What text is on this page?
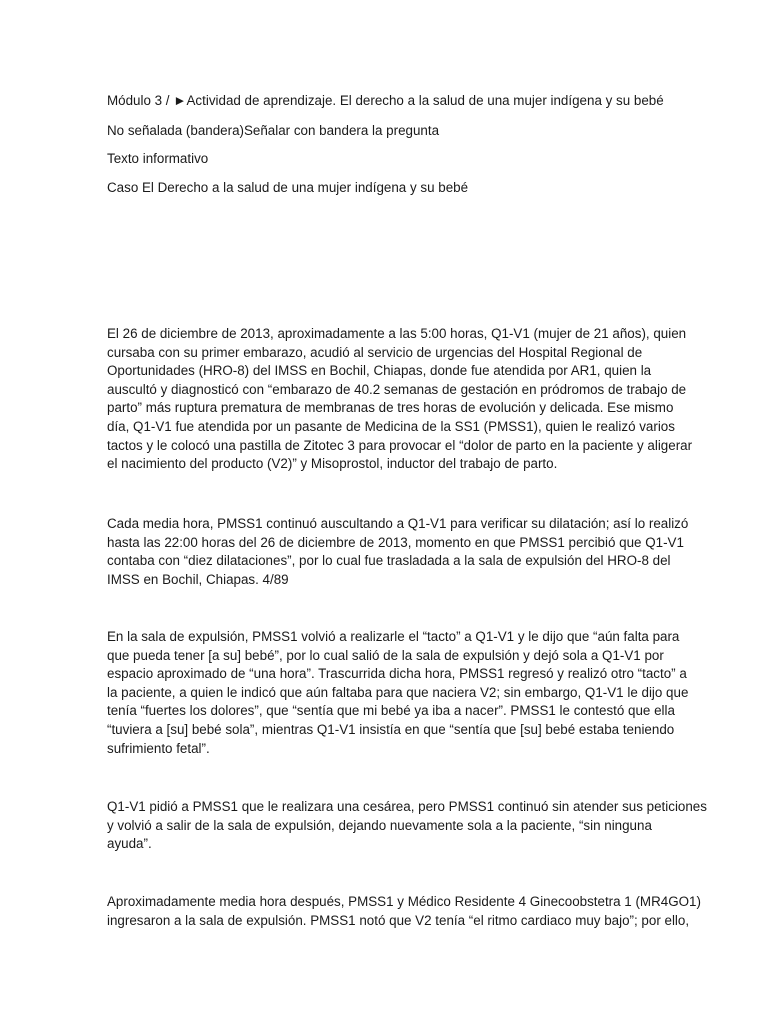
Módulo 3 / ►Actividad de aprendizaje. El derecho a la salud de una mujer indígena y su bebé
No señalada (bandera)Señalar con bandera la pregunta
Texto informativo
Caso El Derecho a la salud de una mujer indígena y su bebé
El 26 de diciembre de 2013, aproximadamente a las 5:00 horas, Q1-V1 (mujer de 21 años), quien
cursaba con su primer embarazo, acudió al servicio de urgencias del Hospital Regional de
Oportunidades (HRO-8) del IMSS en Bochil, Chiapas, donde fue atendida por AR1, quien la
auscultó y diagnosticó con “embarazo de 40.2 semanas de gestación en pródromos de trabajo de
parto” más ruptura prematura de membranas de tres horas de evolución y delicada. Ese mismo
día, Q1-V1 fue atendida por un pasante de Medicina de la SS1 (PMSS1), quien le realizó varios
tactos y le colocó una pastilla de Zitotec 3 para provocar el “dolor de parto en la paciente y aligerar
el nacimiento del producto (V2)” y Misoprostol, inductor del trabajo de parto.
Cada media hora, PMSS1 continuó auscultando a Q1-V1 para verificar su dilatación; así lo realizó
hasta las 22:00 horas del 26 de diciembre de 2013, momento en que PMSS1 percibió que Q1-V1
contaba con “diez dilataciones”, por lo cual fue trasladada a la sala de expulsión del HRO-8 del
IMSS en Bochil, Chiapas. 4/89
En la sala de expulsión, PMSS1 volvió a realizarle el “tacto” a Q1-V1 y le dijo que “aún falta para
que pueda tener [a su] bebé”, por lo cual salió de la sala de expulsión y dejó sola a Q1-V1 por
espacio aproximado de “una hora”. Trascurrida dicha hora, PMSS1 regresó y realizó otro “tacto” a
la paciente, a quien le indicó que aún faltaba para que naciera V2; sin embargo, Q1-V1 le dijo que
tenía “fuertes los dolores”, que “sentía que mi bebé ya iba a nacer”. PMSS1 le contestó que ella
“tuviera a [su] bebé sola”, mientras Q1-V1 insistía en que “sentía que [su] bebé estaba teniendo
sufrimiento fetal”.
Q1-V1 pidió a PMSS1 que le realizara una cesárea, pero PMSS1 continuó sin atender sus peticiones
y volvió a salir de la sala de expulsión, dejando nuevamente sola a la paciente, “sin ninguna
ayuda”.
Aproximadamente media hora después, PMSS1 y Médico Residente 4 Ginecoobstetra 1 (MR4GO1)
ingresaron a la sala de expulsión. PMSS1 notó que V2 tenía “el ritmo cardiaco muy bajo”; por ello,
